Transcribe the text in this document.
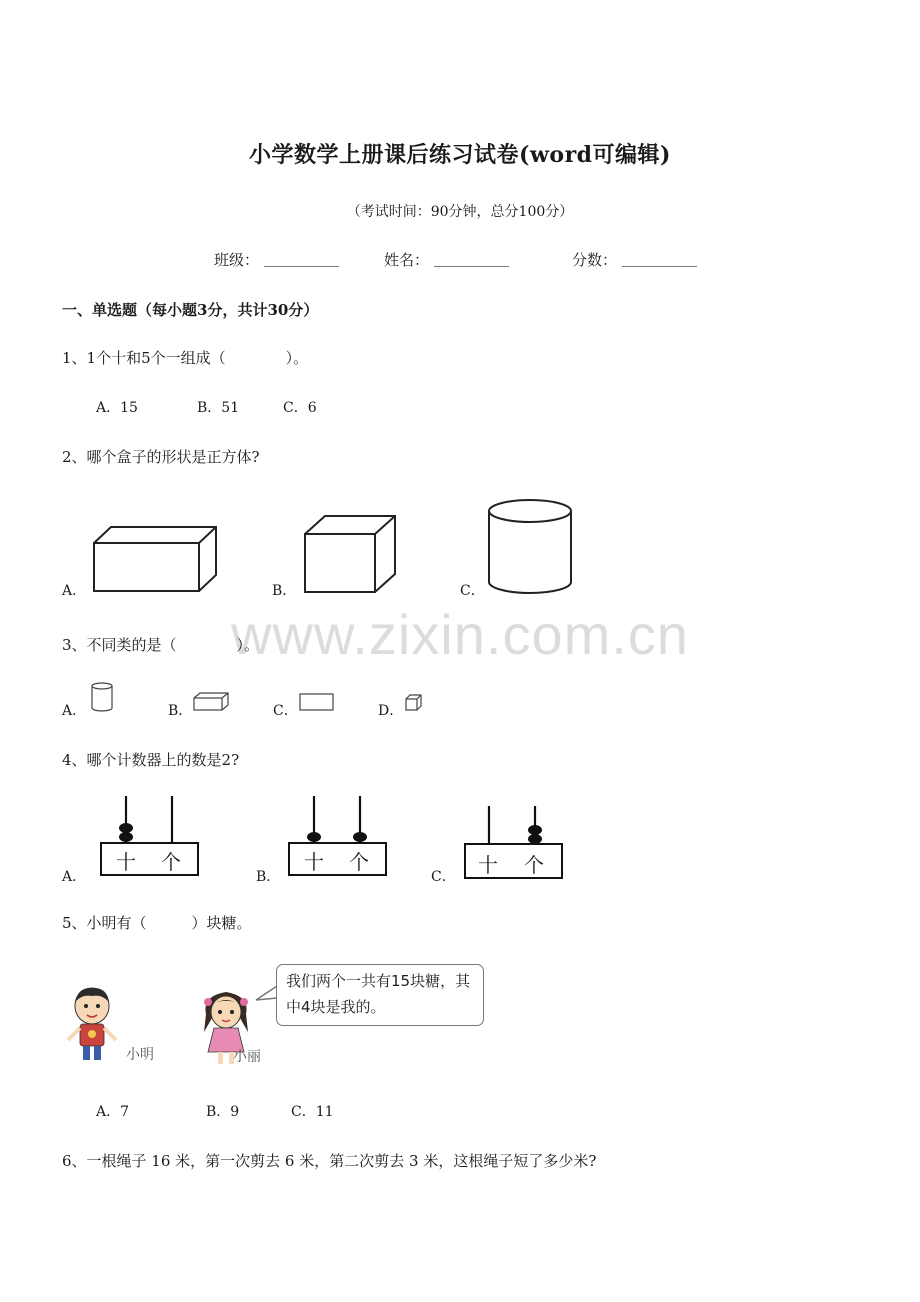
小学数学上册课后练习试卷(word可编辑)
（考试时间：90分钟，总分100分）
班级： __________	姓名： __________	分数： __________
一、单选题（每小题3分，共计30分）
1、1个十和5个一组成（　　　　）。
A．15	B．51	C．6
2、哪个盒子的形状是正方体?
A．	B．	C．
www.zixin.com.cn
3、不同类的是（　　　　）。
A．	B．	C．	D．
4、哪个计数器上的数是2?
A．	B．	C．
十 个	十 个	十 个
5、小明有（　　　）块糖。
小明	小丽
我们两个一共有15块糖，其中4块是我的。
A．7	B．9	C．11
6、一根绳子 16 米，第一次剪去 6 米，第二次剪去 3 米，这根绳子短了多少米?
